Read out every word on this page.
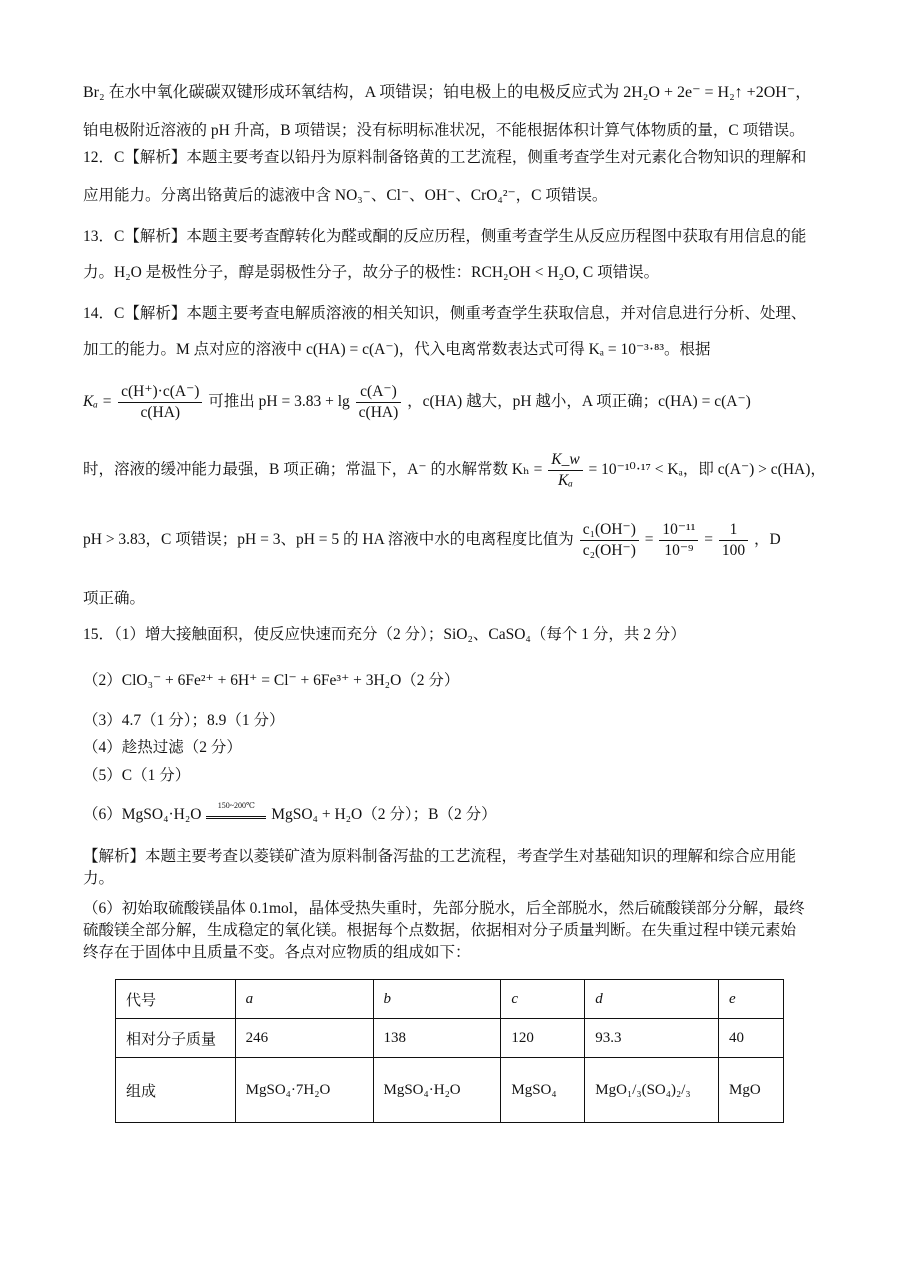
Br₂ 在水中氧化碳碳双键形成环氧结构，A 项错误；铂电极上的电极反应式为 2H₂O + 2e⁻ = H₂↑ +2OH⁻，
铂电极附近溶液的 pH 升高，B 项错误；没有标明标准状况，不能根据体积计算气体物质的量，C 项错误。
12．C【解析】本题主要考查以铅丹为原料制备铬黄的工艺流程，侧重考查学生对元素化合物知识的理解和
应用能力。分离出铬黄后的滤液中含 NO₃⁻、Cl⁻、OH⁻、CrO₄²⁻，C 项错误。
13．C【解析】本题主要考查醇转化为醛或酮的反应历程，侧重考查学生从反应历程图中获取有用信息的能
力。H₂O 是极性分子，醇是弱极性分子，故分子的极性：RCH₂OH < H₂O, C 项错误。
14．C【解析】本题主要考查电解质溶液的相关知识，侧重考查学生获取信息，并对信息进行分析、处理、
加工的能力。M 点对应的溶液中 c(HA) = c(A⁻)，代入电离常数表达式可得 Kₐ = 10⁻³·⁸³。根据
$K_a = \frac{c(H^+)\cdot c(A^-)}{c(HA)}$ 可推出 pH = $3.83 + \lg \frac{c(A^-)}{c(HA)}$ ，c(HA) 越大，pH 越小，A 项正确；c(HA) = c(A⁻)
时，溶液的缓冲能力最强，B 项正确；常温下，A⁻ 的水解常数 $K_h = \frac{K\_w}{\text{Kₐ}} = 10^{-10}\cdot^{17} < K_a$，即 c(A⁻) > c(HA)，
pH > 3.83，C 项错误；pH = 3、pH = 5 的 HA 溶液中水的电离程度比值为 $\frac{\text{c₁(OH⁻)}}{\text{c₂(OH⁻)}} = \frac{\text{10⁻¹¹}}{\text{10⁻⁹}} = \frac{1}{100}$ ，D
项正确。
15．（1）增大接触面积，使反应快速而充分（2 分）；SiO₂、CaSO₄（每个 1 分，共 2 分）
（2）ClO₃⁻ + 6Fe²⁺ + 6H⁺ = Cl⁻ + 6Fe³⁺ + 3H₂O（2 分）
（3）4.7（1 分）；8.9（1 分）
（4）趁热过滤（2 分）
（5）C（1 分）
（6）MgSO₄·H₂O
150~200℃
MgSO₄ + H₂O（2 分）；B（2 分）
【解析】本题主要考查以菱镁矿渣为原料制备泻盐的工艺流程，考查学生对基础知识的理解和综合应用能
力。
（6）初始取硫酸镁晶体 0.1mol，晶体受热失重时，先部分脱水，后全部脱水，然后硫酸镁部分分解，最终
硫酸镁全部分解，生成稳定的氧化镁。根据每个点数据，依据相对分子质量判断。在失重过程中镁元素始
终存在于固体中且质量不变。各点对应物质的组成如下：
代号	a	b	c	d	e
相对分子质量	246	138	120	93.3	40
组成	MgSO₄·7H₂O	MgSO₄·H₂O	MgSO₄	MgO₁/₃(SO₄)₂/₃	MgO
